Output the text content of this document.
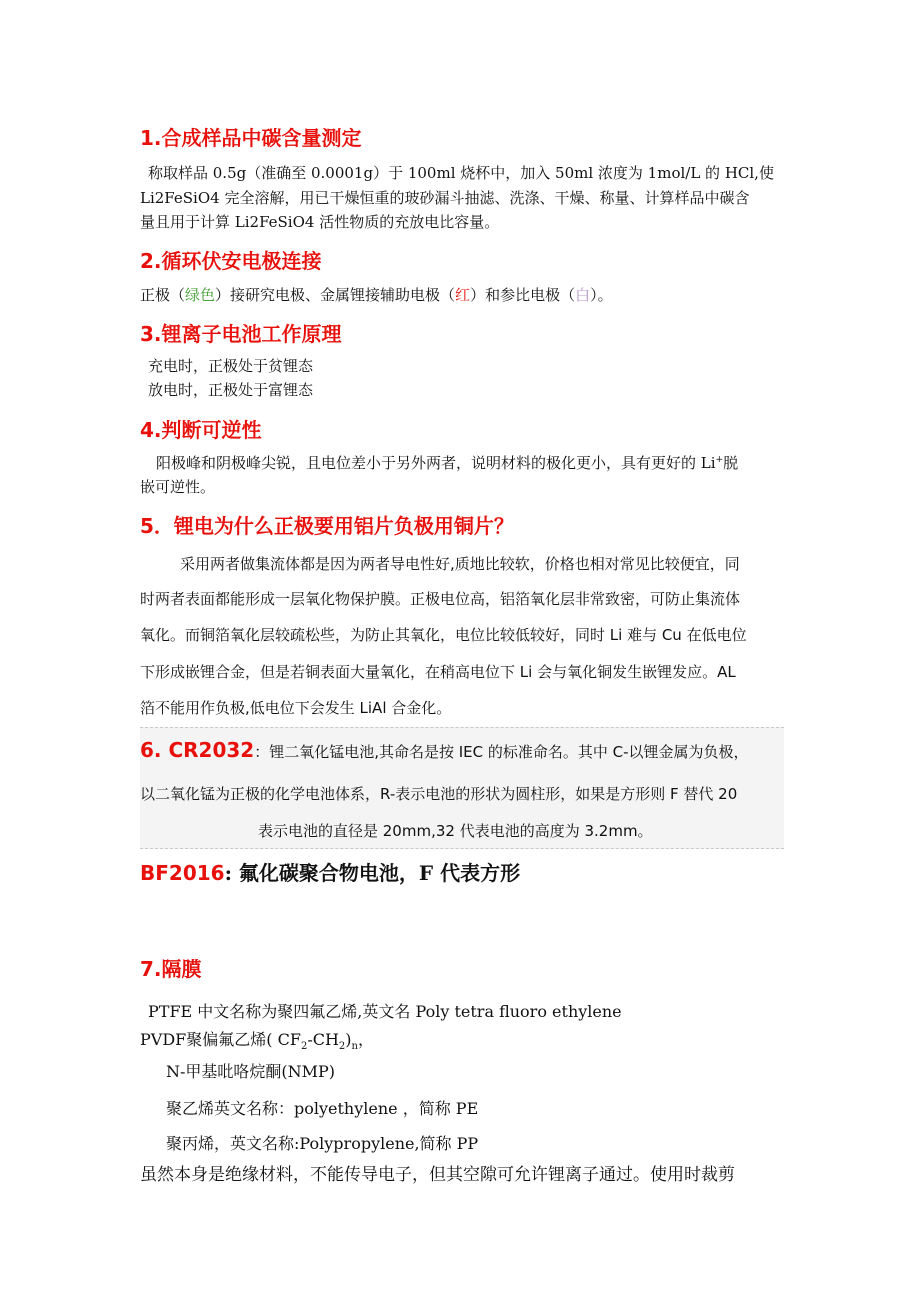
1.合成样品中碳含量测定
称取样品 0.5g（准确至 0.0001g）于 100ml 烧杯中，加入 50ml 浓度为 1mol/L 的 HCl,使
Li2FeSiO4 完全溶解，用已干燥恒重的玻砂漏斗抽滤、洗涤、干燥、称量、计算样品中碳含
量且用于计算 Li2FeSiO4 活性物质的充放电比容量。
2.循环伏安电极连接
正极（绿色）接研究电极、金属锂接辅助电极（红）和参比电极（白）。
3.锂离子电池工作原理
充电时，正极处于贫锂态
放电时，正极处于富锂态
4.判断可逆性
阳极峰和阴极峰尖锐，且电位差小于另外两者，说明材料的极化更小，具有更好的 Li+脱
嵌可逆性。
5．锂电为什么正极要用铝片负极用铜片？
采用两者做集流体都是因为两者导电性好,质地比较软，价格也相对常见比较便宜，同
时两者表面都能形成一层氧化物保护膜。正极电位高，铝箔氧化层非常致密，可防止集流体
氧化。而铜箔氧化层较疏松些，为防止其氧化，电位比较低较好，同时 Li 难与 Cu 在低电位
下形成嵌锂合金，但是若铜表面大量氧化，在稍高电位下 Li 会与氧化铜发生嵌锂发应。AL
箔不能用作负极,低电位下会发生 LiAl 合金化。
6. CR2032：锂二氧化锰电池,其命名是按 IEC 的标准命名。其中 C-以锂金属为负极，
以二氧化锰为正极的化学电池体系，R-表示电池的形状为圆柱形，如果是方形则 F 替代 20
表示电池的直径是 20mm,32 代表电池的高度为 3.2mm。
BF2016: 氟化碳聚合物电池，F 代表方形
7.隔膜
PTFE 中文名称为聚四氟乙烯,英文名 Poly tetra fluoro ethylene
PVDF聚偏氟乙烯( $CF_2-CH_2)_n$，
N-甲基吡咯烷酮(NMP)
聚乙烯英文名称：polyethylene ，简称 PE
聚丙烯，英文名称:Polypropylene,简称 PP
虽然本身是绝缘材料，不能传导电子，但其空隙可允许锂离子通过。使用时裁剪
